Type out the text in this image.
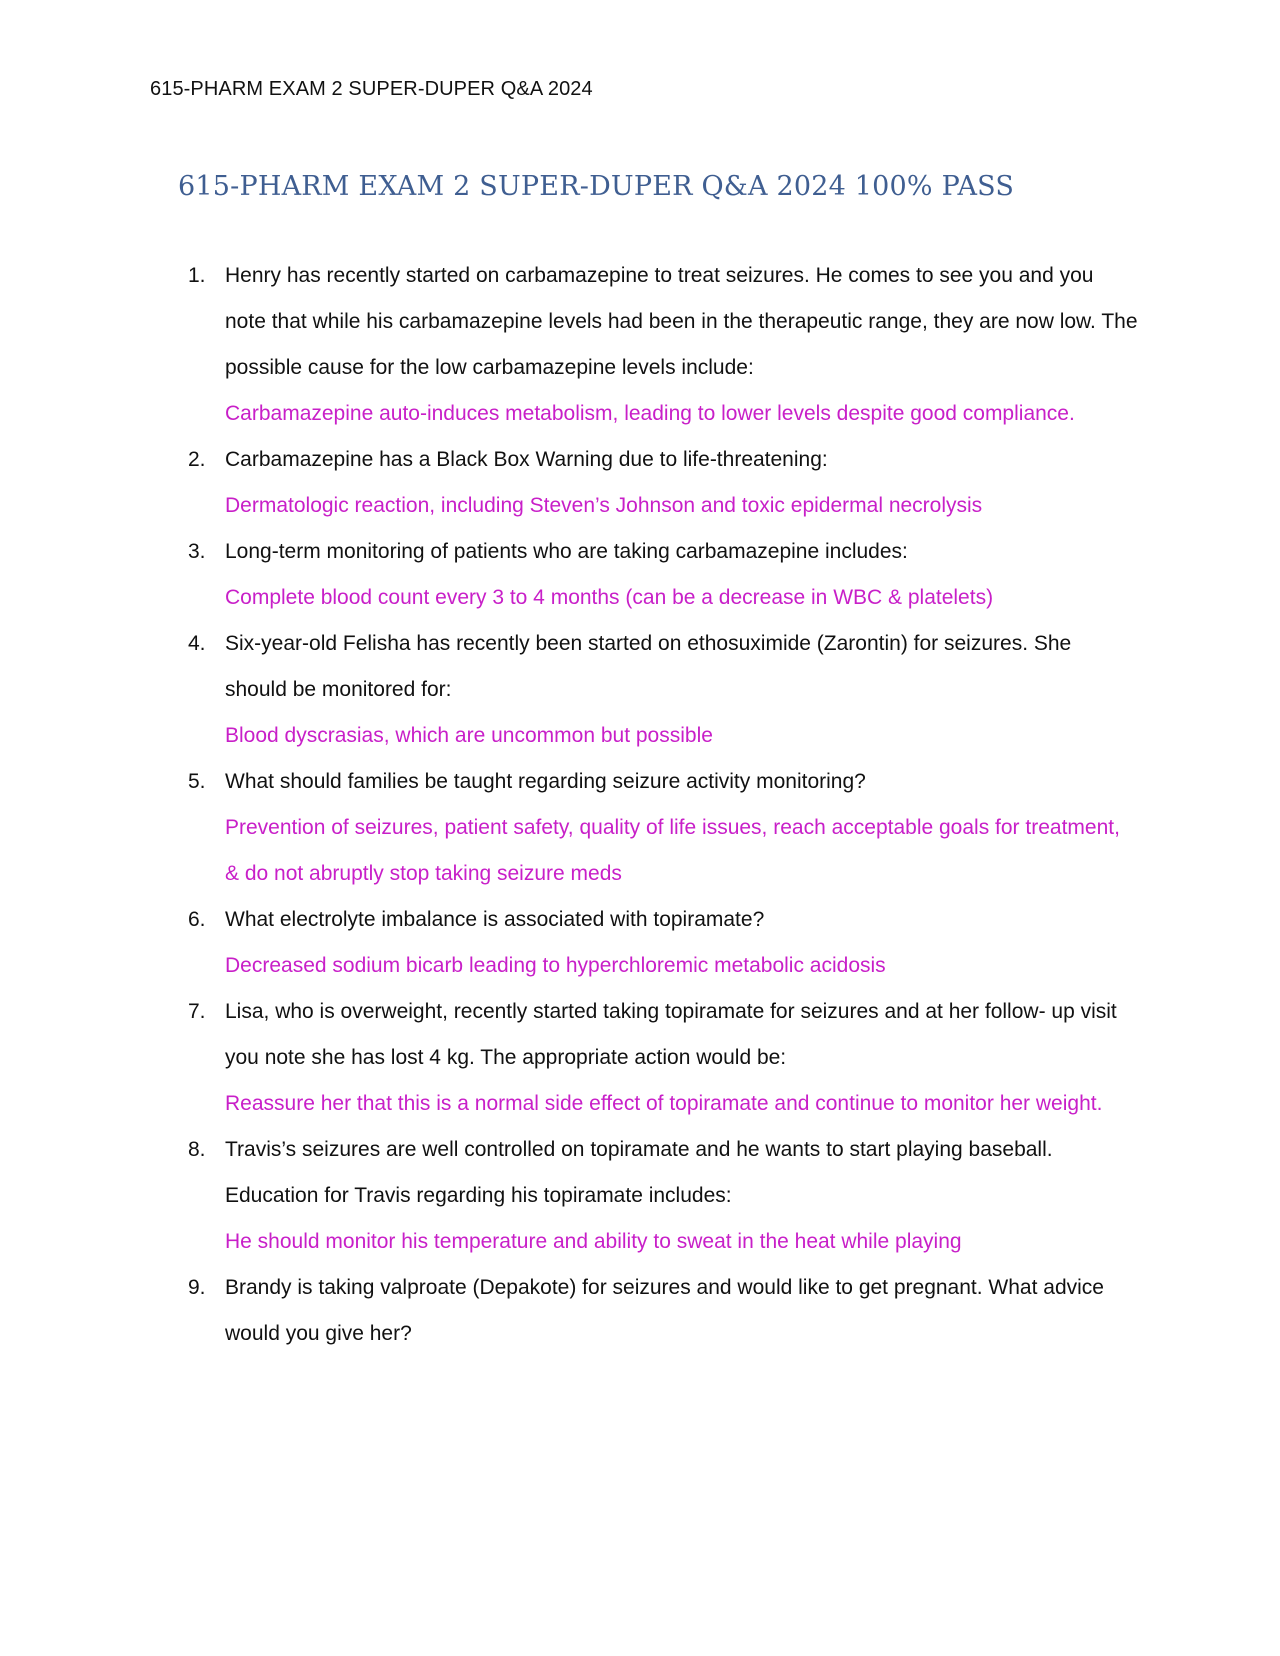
615-PHARM EXAM 2 SUPER-DUPER Q&A 2024
615-PHARM EXAM 2 SUPER-DUPER Q&A 2024 100% PASS
1. Henry has recently started on carbamazepine to treat seizures. He comes to see you and you note that while his carbamazepine levels had been in the therapeutic range, they are now low. The possible cause for the low carbamazepine levels include:
Carbamazepine auto-induces metabolism, leading to lower levels despite good compliance.
2. Carbamazepine has a Black Box Warning due to life-threatening:
Dermatologic reaction, including Steven’s Johnson and toxic epidermal necrolysis
3. Long-term monitoring of patients who are taking carbamazepine includes:
Complete blood count every 3 to 4 months (can be a decrease in WBC & platelets)
4. Six-year-old Felisha has recently been started on ethosuximide (Zarontin) for seizures. She should be monitored for:
Blood dyscrasias, which are uncommon but possible
5. What should families be taught regarding seizure activity monitoring?
Prevention of seizures, patient safety, quality of life issues, reach acceptable goals for treatment, & do not abruptly stop taking seizure meds
6. What electrolyte imbalance is associated with topiramate?
Decreased sodium bicarb leading to hyperchloremic metabolic acidosis
7. Lisa, who is overweight, recently started taking topiramate for seizures and at her follow- up visit you note she has lost 4 kg. The appropriate action would be:
Reassure her that this is a normal side effect of topiramate and continue to monitor her weight.
8. Travis’s seizures are well controlled on topiramate and he wants to start playing baseball. Education for Travis regarding his topiramate includes:
He should monitor his temperature and ability to sweat in the heat while playing
9. Brandy is taking valproate (Depakote) for seizures and would like to get pregnant. What advice would you give her?
